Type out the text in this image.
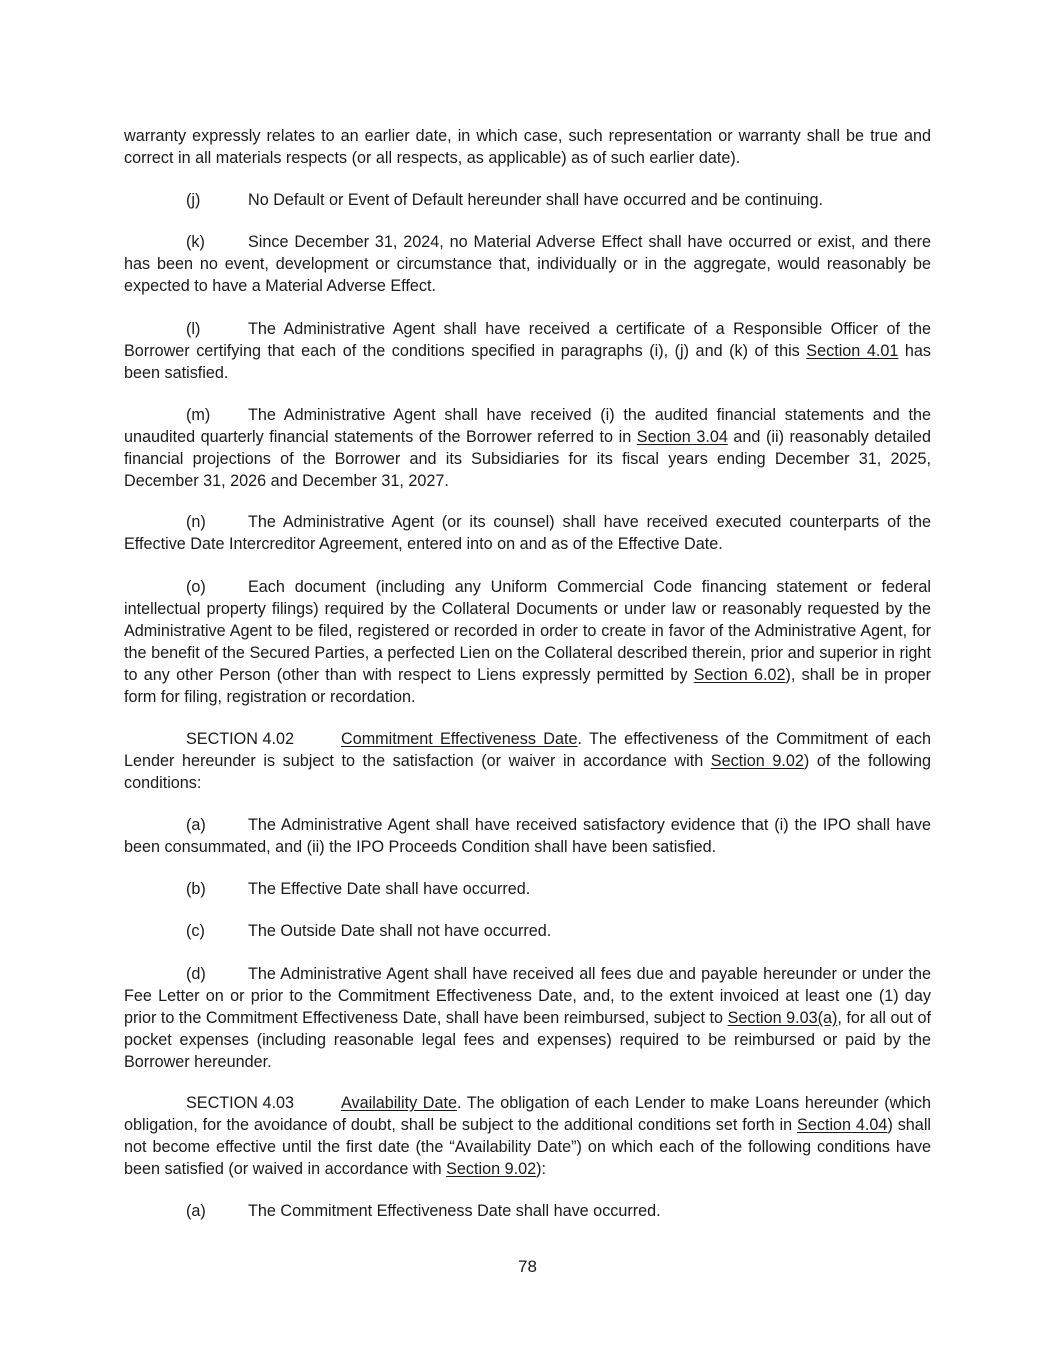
warranty expressly relates to an earlier date, in which case, such representation or warranty shall be true and correct in all materials respects (or all respects, as applicable) as of such earlier date).

(j)	No Default or Event of Default hereunder shall have occurred and be continuing.

(k)	Since December 31, 2024, no Material Adverse Effect shall have occurred or exist, and there has been no event, development or circumstance that, individually or in the aggregate, would reasonably be expected to have a Material Adverse Effect.

(l)	The Administrative Agent shall have received a certificate of a Responsible Officer of the Borrower certifying that each of the conditions specified in paragraphs (i), (j) and (k) of this Section 4.01 has been satisfied.

(m) The Administrative Agent shall have received (i) the audited financial statements and the unaudited quarterly financial statements of the Borrower referred to in Section 3.04 and (ii) reasonably detailed financial projections of the Borrower and its Subsidiaries for its fiscal years ending December 31, 2025, December 31, 2026 and December 31, 2027.

(n)	The Administrative Agent (or its counsel) shall have received executed counterparts of the Effective Date Intercreditor Agreement, entered into on and as of the Effective Date.

(o)	Each document (including any Uniform Commercial Code financing statement or federal intellectual property filings) required by the Collateral Documents or under law or reasonably requested by the Administrative Agent to be filed, registered or recorded in order to create in favor of the Administrative Agent, for the benefit of the Secured Parties, a perfected Lien on the Collateral described therein, prior and superior in right to any other Person (other than with respect to Liens expressly permitted by Section 6.02), shall be in proper form for filing, registration or recordation.

SECTION 4.02	Commitment Effectiveness Date. The effectiveness of the Commitment of each Lender hereunder is subject to the satisfaction (or waiver in accordance with Section 9.02) of the following conditions:

(a)	The Administrative Agent shall have received satisfactory evidence that (i) the IPO shall have been consummated, and (ii) the IPO Proceeds Condition shall have been satisfied.

(b)	The Effective Date shall have occurred.

(c)	The Outside Date shall not have occurred.

(d)	The Administrative Agent shall have received all fees due and payable hereunder or under the Fee Letter on or prior to the Commitment Effectiveness Date, and, to the extent invoiced at least one (1) day prior to the Commitment Effectiveness Date, shall have been reimbursed, subject to Section 9.03(a), for all out of pocket expenses (including reasonable legal fees and expenses) required to be reimbursed or paid by the Borrower hereunder.

SECTION 4.03	Availability Date. The obligation of each Lender to make Loans hereunder (which obligation, for the avoidance of doubt, shall be subject to the additional conditions set forth in Section 4.04) shall not become effective until the first date (the “Availability Date”) on which each of the following conditions have been satisfied (or waived in accordance with Section 9.02):

(a)	The Commitment Effectiveness Date shall have occurred.

78
